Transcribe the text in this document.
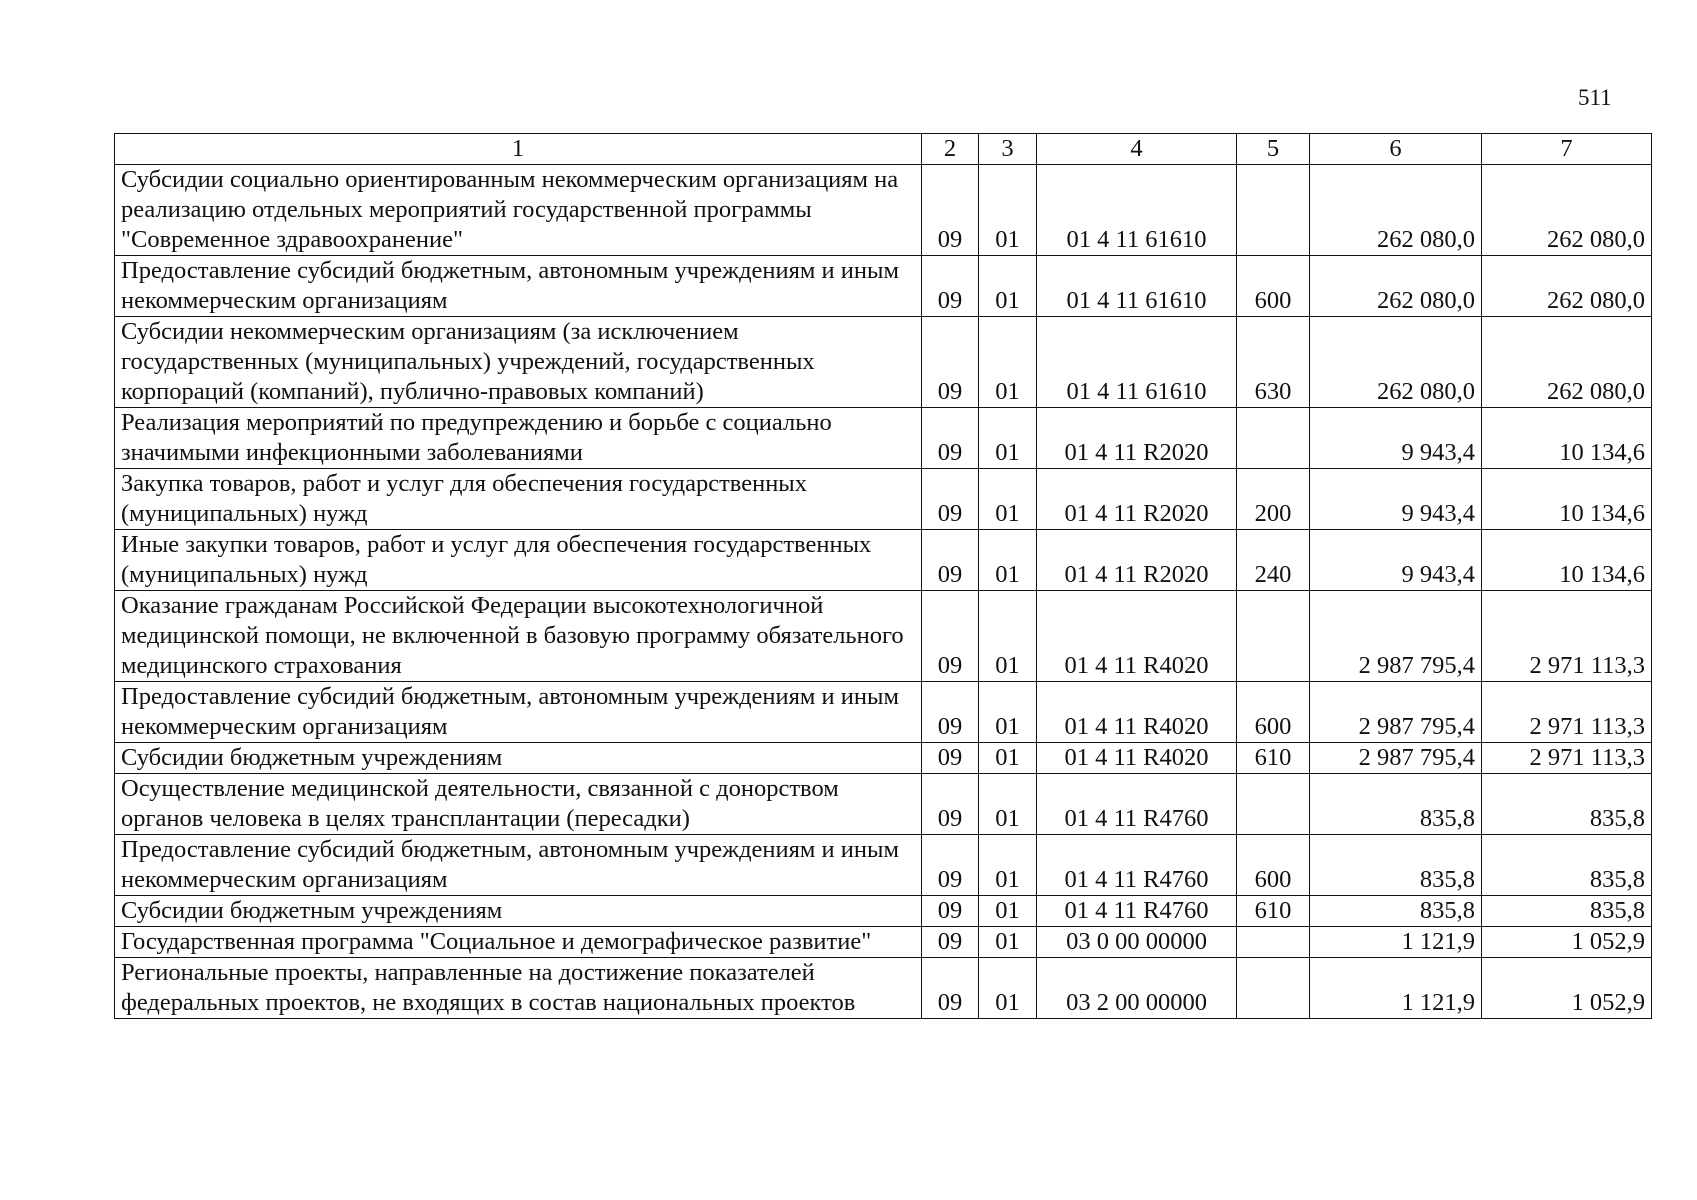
511
1	2	3	4	5	6	7
Субсидии социально ориентированным некоммерческим организациям на реализацию отдельных мероприятий государственной программы "Современное здравоохранение"	09	01	01 4 11 61610		262 080,0	262 080,0
Предоставление субсидий бюджетным, автономным учреждениям и иным некоммерческим организациям	09	01	01 4 11 61610	600	262 080,0	262 080,0
Субсидии некоммерческим организациям (за исключением государственных (муниципальных) учреждений, государственных корпораций (компаний), публично-правовых компаний)	09	01	01 4 11 61610	630	262 080,0	262 080,0
Реализация мероприятий по предупреждению и борьбе с социально значимыми инфекционными заболеваниями	09	01	01 4 11 R2020		9 943,4	10 134,6
Закупка товаров, работ и услуг для обеспечения государственных (муниципальных) нужд	09	01	01 4 11 R2020	200	9 943,4	10 134,6
Иные закупки товаров, работ и услуг для обеспечения государственных (муниципальных) нужд	09	01	01 4 11 R2020	240	9 943,4	10 134,6
Оказание гражданам Российской Федерации высокотехнологичной медицинской помощи, не включенной в базовую программу обязательного медицинского страхования	09	01	01 4 11 R4020		2 987 795,4	2 971 113,3
Предоставление субсидий бюджетным, автономным учреждениям и иным некоммерческим организациям	09	01	01 4 11 R4020	600	2 987 795,4	2 971 113,3
Субсидии бюджетным учреждениям	09	01	01 4 11 R4020	610	2 987 795,4	2 971 113,3
Осуществление медицинской деятельности, связанной с донорством органов человека в целях трансплантации (пересадки)	09	01	01 4 11 R4760		835,8	835,8
Предоставление субсидий бюджетным, автономным учреждениям и иным некоммерческим организациям	09	01	01 4 11 R4760	600	835,8	835,8
Субсидии бюджетным учреждениям	09	01	01 4 11 R4760	610	835,8	835,8
Государственная программа "Социальное и демографическое развитие"	09	01	03 0 00 00000		1 121,9	1 052,9
Региональные проекты, направленные на достижение показателей федеральных проектов, не входящих в состав национальных проектов	09	01	03 2 00 00000		1 121,9	1 052,9
